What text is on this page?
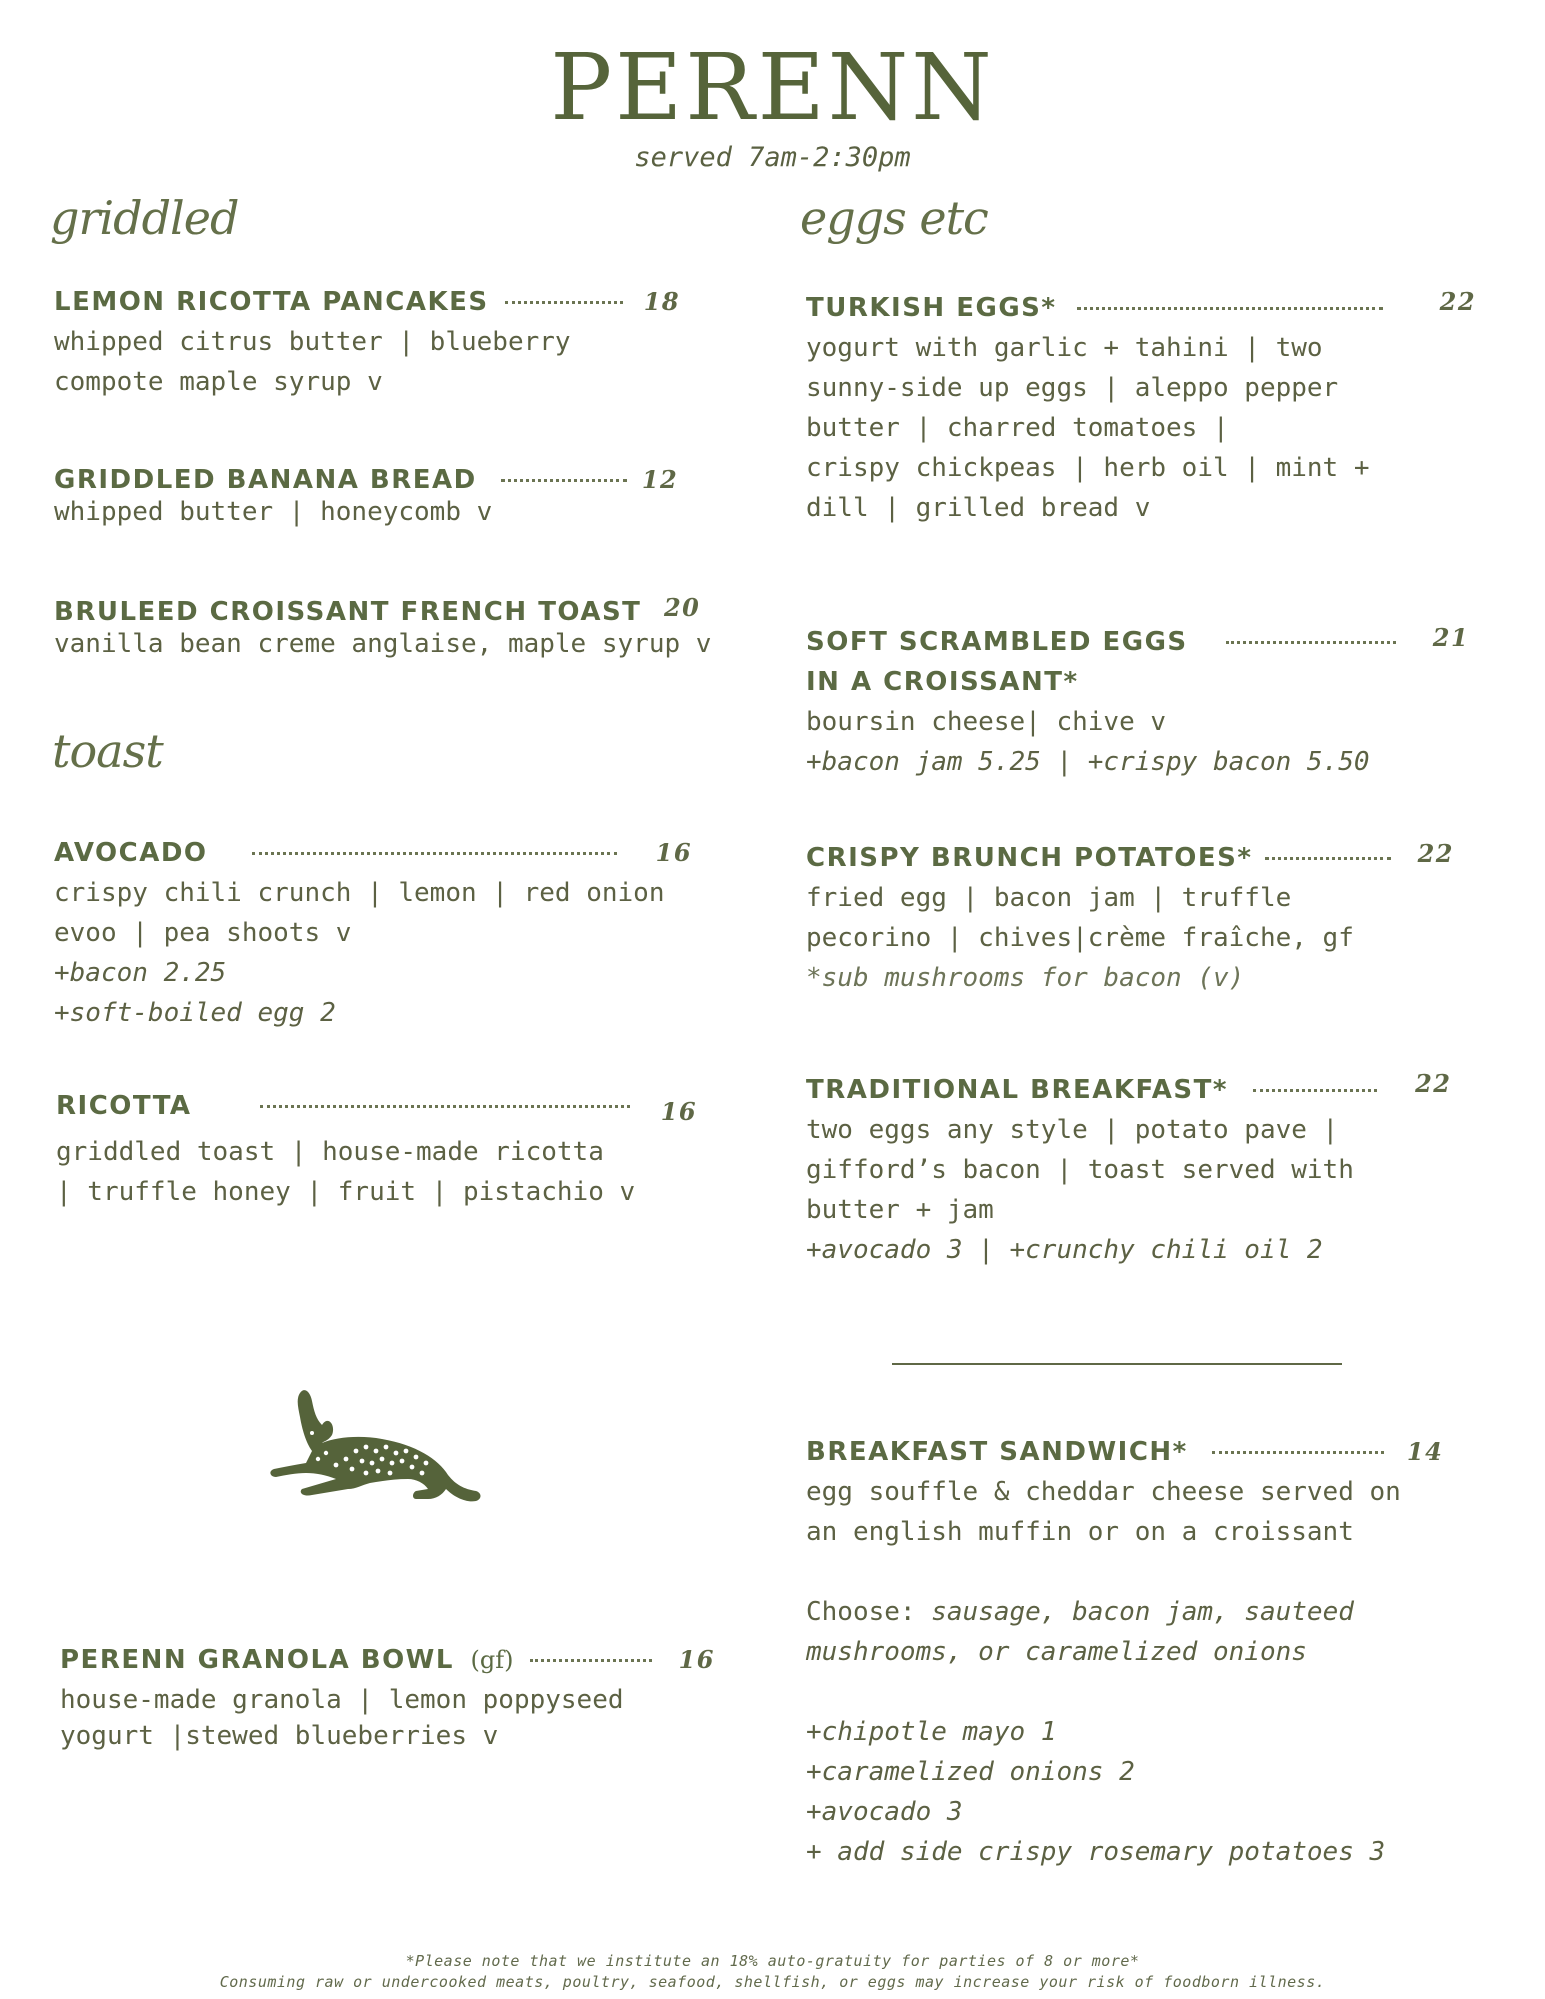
PERENN
served 7am-2:30pm
griddled
LEMON RICOTTA PANCAKES	18
whipped citrus butter | blueberry
compote maple syrup v
GRIDDLED BANANA BREAD	12
whipped butter | honeycomb v
BRULEED CROISSANT FRENCH TOAST 20
vanilla bean creme anglaise, maple syrup v
toast
AVOCADO	16
crispy chili crunch | lemon | red onion
evoo | pea shoots v
+bacon 2.25
+soft-boiled egg 2
RICOTTA	16
griddled toast | house-made ricotta
| truffle honey | fruit | pistachio v
PERENN GRANOLA BOWL (gf)	16
house-made granola | lemon poppyseed
yogurt |stewed blueberries v
eggs etc
TURKISH EGGS*	22
yogurt with garlic + tahini | two
sunny-side up eggs | aleppo pepper
butter | charred tomatoes |
crispy chickpeas | herb oil | mint +
dill | grilled bread v
SOFT SCRAMBLED EGGS	21
IN A CROISSANT*
boursin cheese| chive v
+bacon jam 5.25 | +crispy bacon 5.50
CRISPY BRUNCH POTATOES*	22
fried egg | bacon jam | truffle
pecorino | chives|crème fraîche, gf
*sub mushrooms for bacon (v)
TRADITIONAL BREAKFAST*	22
two eggs any style | potato pave |
gifford’s bacon | toast served with
butter + jam
+avocado 3 | +crunchy chili oil 2
BREAKFAST SANDWICH*	14
egg souffle & cheddar cheese served on
an english muffin or on a croissant
Choose: sausage, bacon jam, sauteed
mushrooms, or caramelized onions
+chipotle mayo 1
+caramelized onions 2
+avocado 3
+ add side crispy rosemary potatoes 3
*Please note that we institute an 18% auto-gratuity for parties of 8 or more*
Consuming raw or undercooked meats, poultry, seafood, shellfish, or eggs may increase your risk of foodborn illness.
